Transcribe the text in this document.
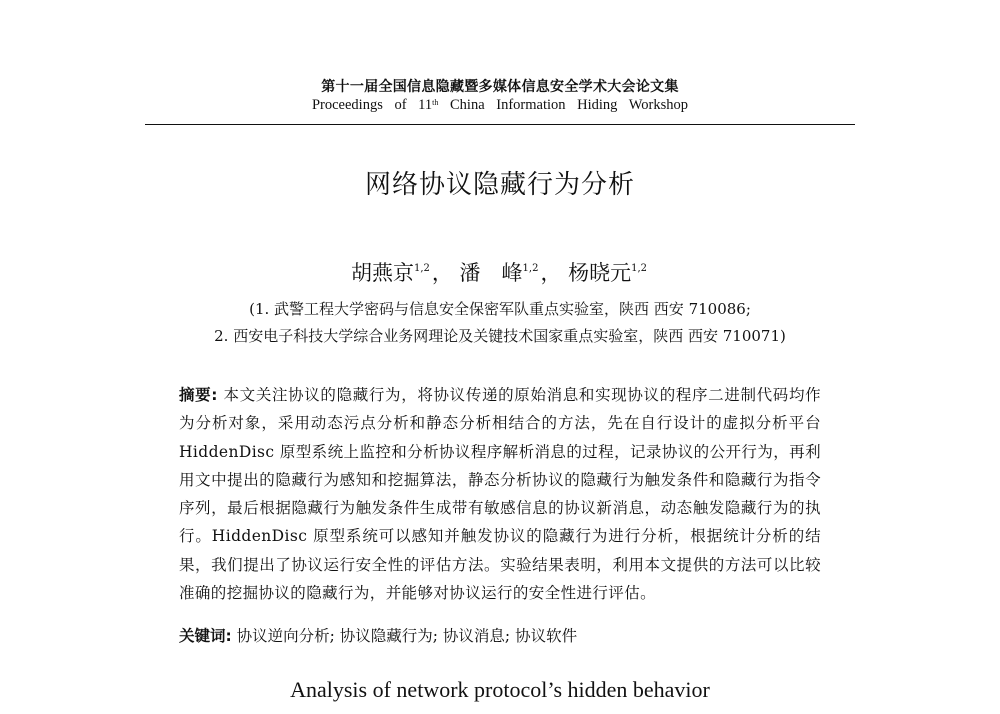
第十一届全国信息隐藏暨多媒体信息安全学术大会论文集
Proceedings of 11th China Information Hiding Workshop
网络协议隐藏行为分析
胡燕京$^{1,2}$， 潘　峰$^{1,2}$， 杨晓元$^{1,2}$
(1. 武警工程大学密码与信息安全保密军队重点实验室，陕西 西安 710086;
2. 西安电子科技大学综合业务网理论及关键技术国家重点实验室，陕西 西安 710071)
摘要: 本文关注协议的隐藏行为，将协议传递的原始消息和实现协议的程序二进制代码均作为分析对象，采用动态污点分析和静态分析相结合的方法，先在自行设计的虚拟分析平台 HiddenDisc 原型系统上监控和分析协议程序解析消息的过程，记录协议的公开行为，再利用文中提出的隐藏行为感知和挖掘算法，静态分析协议的隐藏行为触发条件和隐藏行为指令序列，最后根据隐藏行为触发条件生成带有敏感信息的协议新消息，动态触发隐藏行为的执行。HiddenDisc 原型系统可以感知并触发协议的隐藏行为进行分析，根据统计分析的结果，我们提出了协议运行安全性的评估方法。实验结果表明，利用本文提供的方法可以比较准确的挖掘协议的隐藏行为，并能够对协议运行的安全性进行评估。
关键词: 协议逆向分析; 协议隐藏行为; 协议消息; 协议软件
Analysis of network protocol’s hidden behavior
